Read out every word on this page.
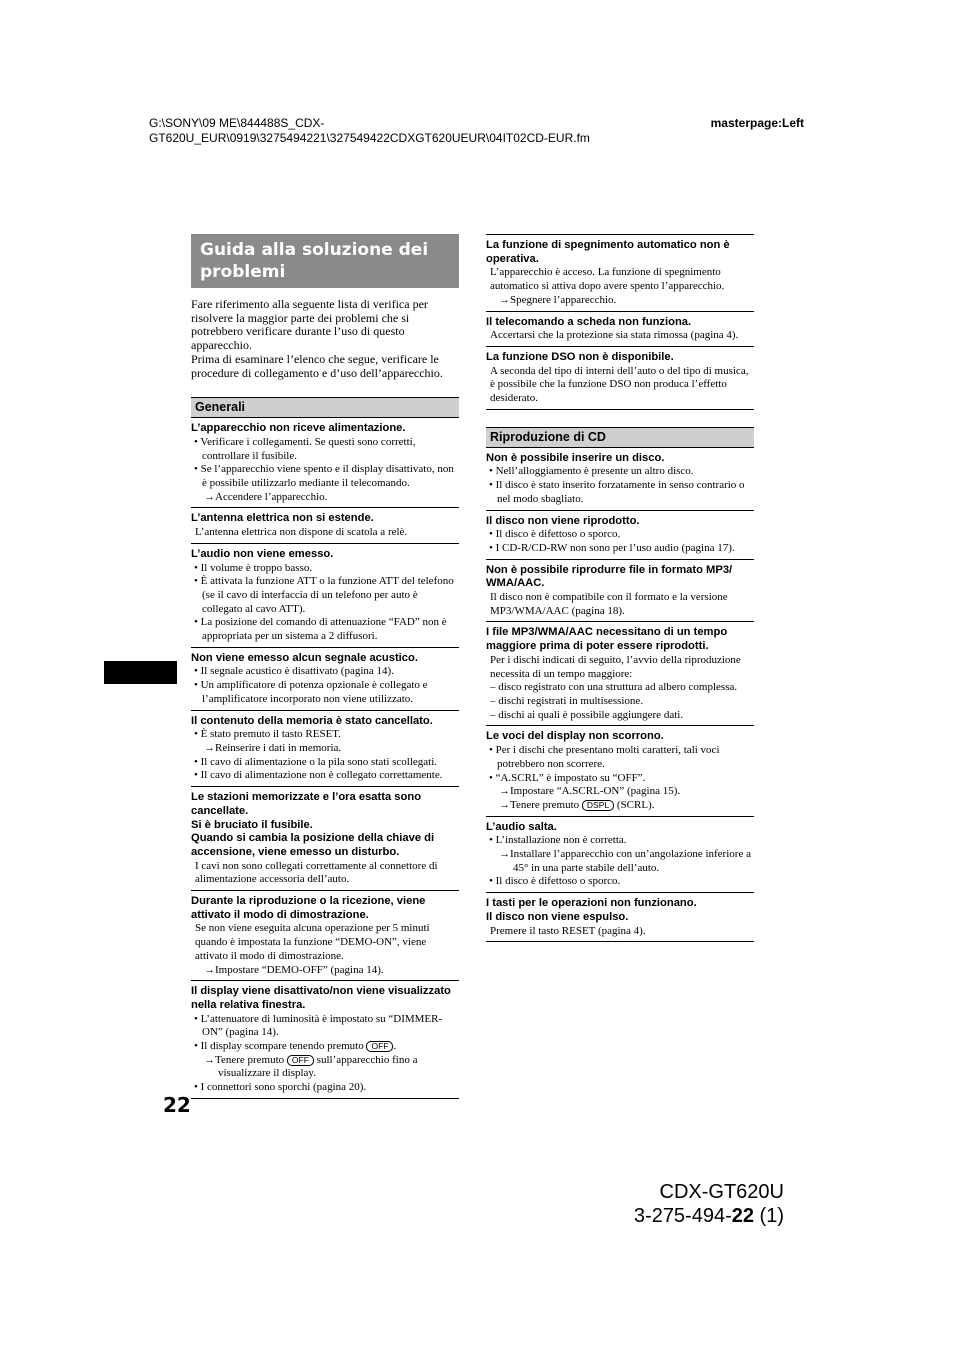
G:\SONY\09 ME\844488S_CDX-
GT620U_EUR\0919\3275494221\327549422CDXGT620UEUR\04IT02CD-EUR.fm
masterpage:Left
Guida alla soluzione dei problemi
Fare riferimento alla seguente lista di verifica per risolvere la maggior parte dei problemi che si potrebbero verificare durante l’uso di questo apparecchio.
Prima di esaminare l’elenco che segue, verificare le procedure di collegamento e d’uso dell’apparecchio.
Generali
L’apparecchio non riceve alimentazione.
• Verificare i collegamenti. Se questi sono corretti, controllare il fusibile.
• Se l’apparecchio viene spento e il display disattivato, non è possibile utilizzarlo mediante il telecomando.
→Accendere l’apparecchio.
L’antenna elettrica non si estende.
L’antenna elettrica non dispone di scatola a relè.
L’audio non viene emesso.
• Il volume è troppo basso.
• È attivata la funzione ATT o la funzione ATT del telefono (se il cavo di interfaccia di un telefono per auto è collegato al cavo ATT).
• La posizione del comando di attenuazione “FAD” non è appropriata per un sistema a 2 diffusori.
Non viene emesso alcun segnale acustico.
• Il segnale acustico è disattivato (pagina 14).
• Un amplificatore di potenza opzionale è collegato e l’amplificatore incorporato non viene utilizzato.
Il contenuto della memoria è stato cancellato.
• È stato premuto il tasto RESET.
→Reinserire i dati in memoria.
• Il cavo di alimentazione o la pila sono stati scollegati.
• Il cavo di alimentazione non è collegato correttamente.
Le stazioni memorizzate e l’ora esatta sono cancellate.
Si è bruciato il fusibile.
Quando si cambia la posizione della chiave di accensione, viene emesso un disturbo.
I cavi non sono collegati correttamente al connettore di alimentazione accessoria dell’auto.
Durante la riproduzione o la ricezione, viene attivato il modo di dimostrazione.
Se non viene eseguita alcuna operazione per 5 minuti quando è impostata la funzione “DEMO-ON”, viene attivato il modo di dimostrazione.
→Impostare “DEMO-OFF” (pagina 14).
Il display viene disattivato/non viene visualizzato nella relativa finestra.
• L’attenuatore di luminosità è impostato su “DIMMER-ON” (pagina 14).
• Il display scompare tenendo premuto OFF .
→Tenere premuto OFF sull’apparecchio fino a visualizzare il display.
• I connettori sono sporchi (pagina 20).
La funzione di spegnimento automatico non è operativa.
L’apparecchio è acceso. La funzione di spegnimento automatico si attiva dopo avere spento l’apparecchio.
→Spegnere l’apparecchio.
Il telecomando a scheda non funziona.
Accertarsi che la protezione sia stata rimossa (pagina 4).
La funzione DSO non è disponibile.
A seconda del tipo di interni dell’auto o del tipo di musica, è possibile che la funzione DSO non produca l’effetto desiderato.
Riproduzione di CD
Non è possibile inserire un disco.
• Nell’alloggiamento è presente un altro disco.
• Il disco è stato inserito forzatamente in senso contrario o nel modo sbagliato.
Il disco non viene riprodotto.
• Il disco è difettoso o sporco.
• I CD-R/CD-RW non sono per l’uso audio (pagina 17).
Non è possibile riprodurre file in formato MP3/ WMA/AAC.
Il disco non è compatibile con il formato e la versione MP3/WMA/AAC (pagina 18).
I file MP3/WMA/AAC necessitano di un tempo maggiore prima di poter essere riprodotti.
Per i dischi indicati di seguito, l’avvio della riproduzione necessita di un tempo maggiore:
– disco registrato con una struttura ad albero complessa.
– dischi registrati in multisessione.
– dischi ai quali è possibile aggiungere dati.
Le voci del display non scorrono.
• Per i dischi che presentano molti caratteri, tali voci potrebbero non scorrere.
• “A.SCRL” è impostato su “OFF”.
→Impostare “A.SCRL-ON” (pagina 15).
→Tenere premuto DSPL (SCRL).
L’audio salta.
• L’installazione non è corretta.
→Installare l’apparecchio con un’angolazione inferiore a 45° in una parte stabile dell’auto.
• Il disco è difettoso o sporco.
I tasti per le operazioni non funzionano.
Il disco non viene espulso.
Premere il tasto RESET (pagina 4).
22
CDX-GT620U
3-275-494-22 (1)
